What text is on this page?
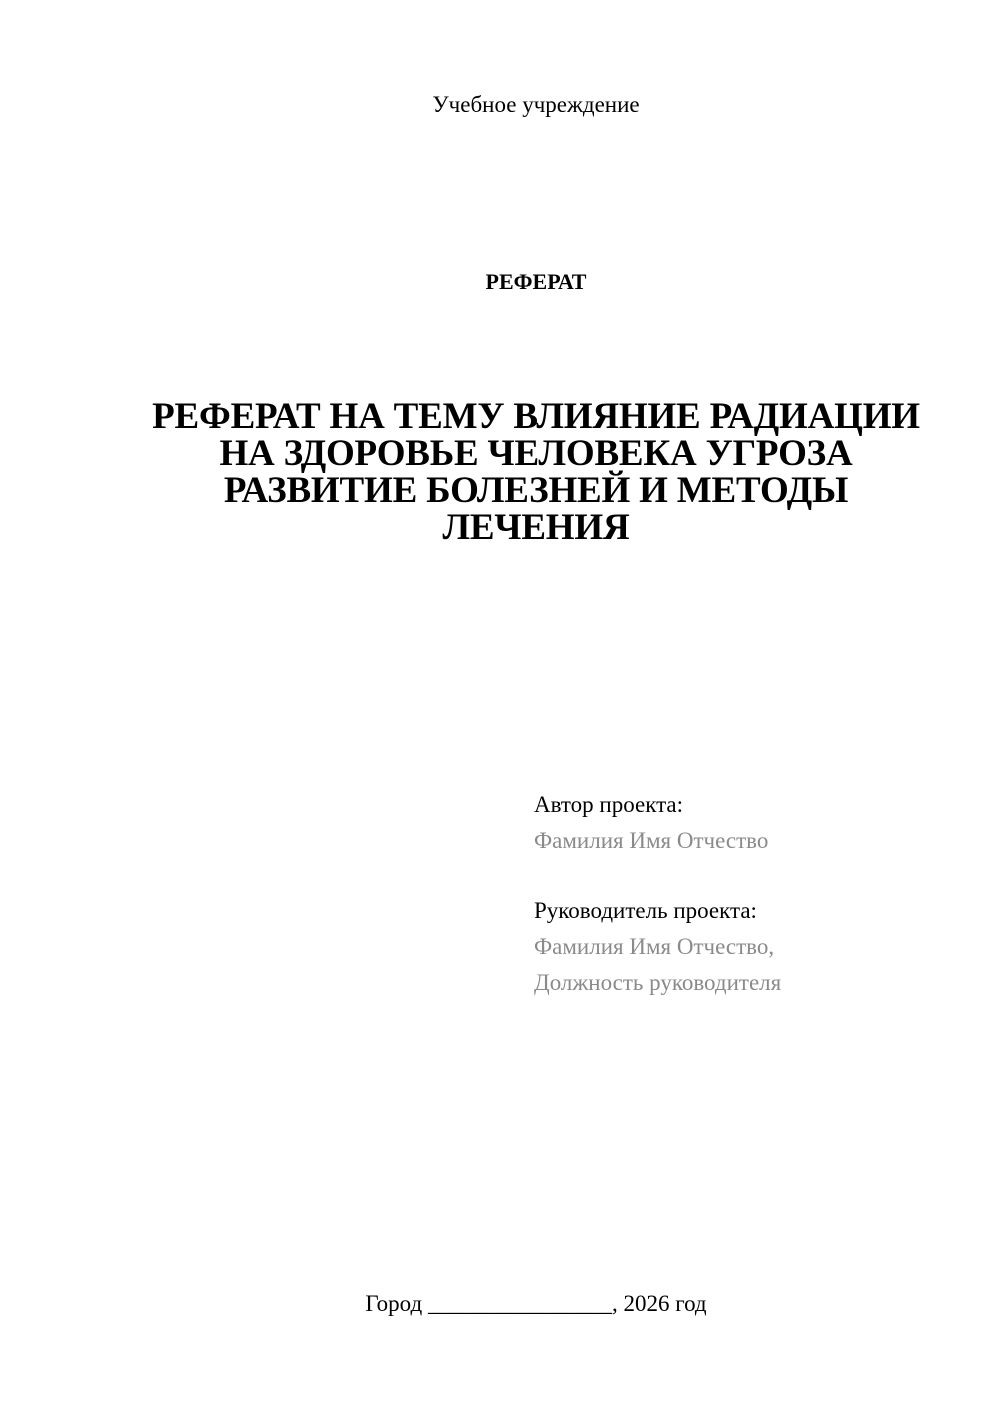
Учебное учреждение
РЕФЕРАТ
РЕФЕРАТ НА ТЕМУ ВЛИЯНИЕ РАДИАЦИИ НА ЗДОРОВЬЕ ЧЕЛОВЕКА УГРОЗА РАЗВИТИЕ БОЛЕЗНЕЙ И МЕТОДЫ ЛЕЧЕНИЯ
Автор проекта:
Фамилия Имя Отчество
Руководитель проекта:
Фамилия Имя Отчество,
Должность руководителя
Город ________________, 2026 год
